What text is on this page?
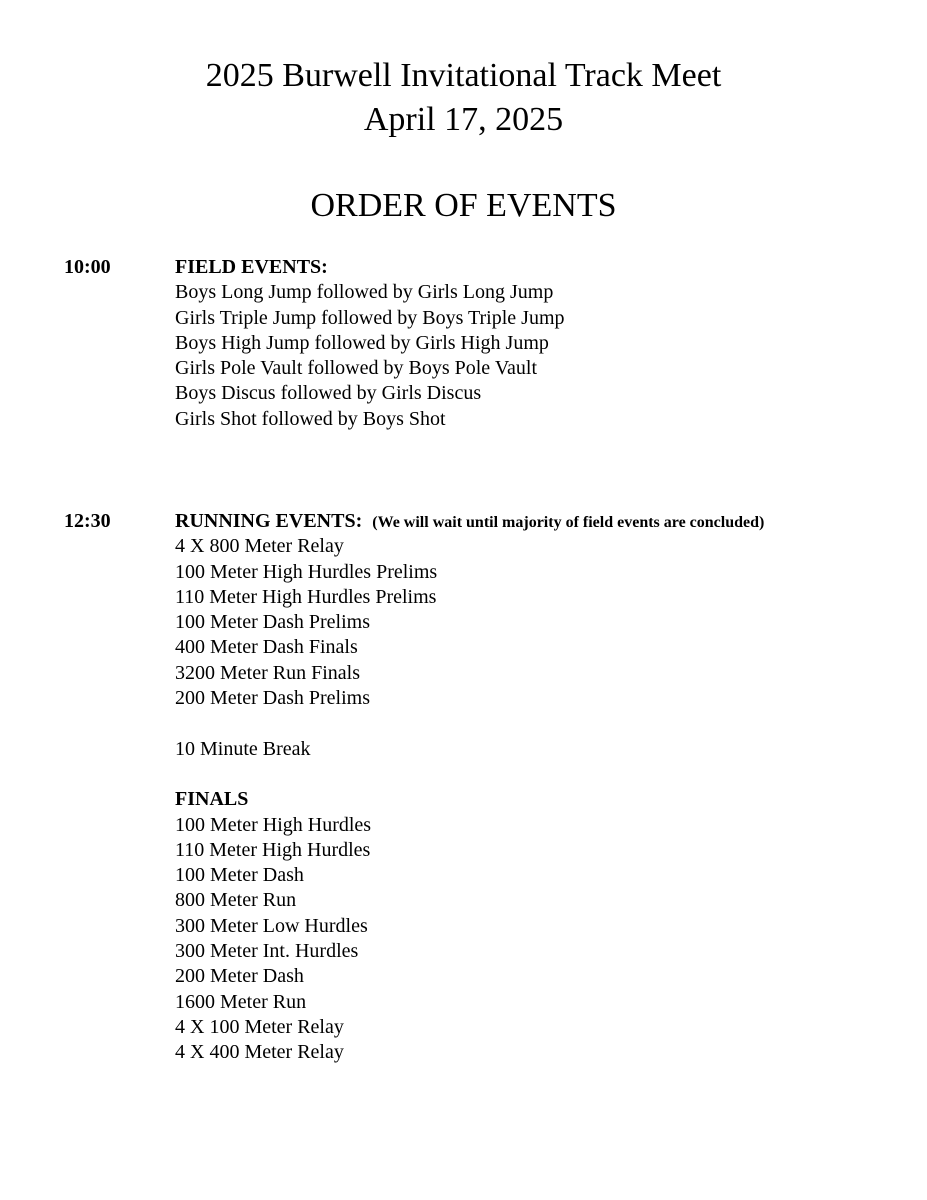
2025 Burwell Invitational Track Meet
April 17, 2025
ORDER OF EVENTS
10:00	FIELD EVENTS:
Boys Long Jump followed by Girls Long Jump
Girls Triple Jump followed by Boys Triple Jump
Boys High Jump followed by Girls High Jump
Girls Pole Vault followed by Boys Pole Vault
Boys Discus followed by Girls Discus
Girls Shot followed by Boys Shot
12:30	RUNNING EVENTS: (We will wait until majority of field events are concluded)
4 X 800 Meter Relay
100 Meter High Hurdles Prelims
110 Meter High Hurdles Prelims
100 Meter Dash Prelims
400 Meter Dash Finals
3200 Meter Run Finals
200 Meter Dash Prelims
10 Minute Break
FINALS
100 Meter High Hurdles
110 Meter High Hurdles
100 Meter Dash
800 Meter Run
300 Meter Low Hurdles
300 Meter Int. Hurdles
200 Meter Dash
1600 Meter Run
4 X 100 Meter Relay
4 X 400 Meter Relay
